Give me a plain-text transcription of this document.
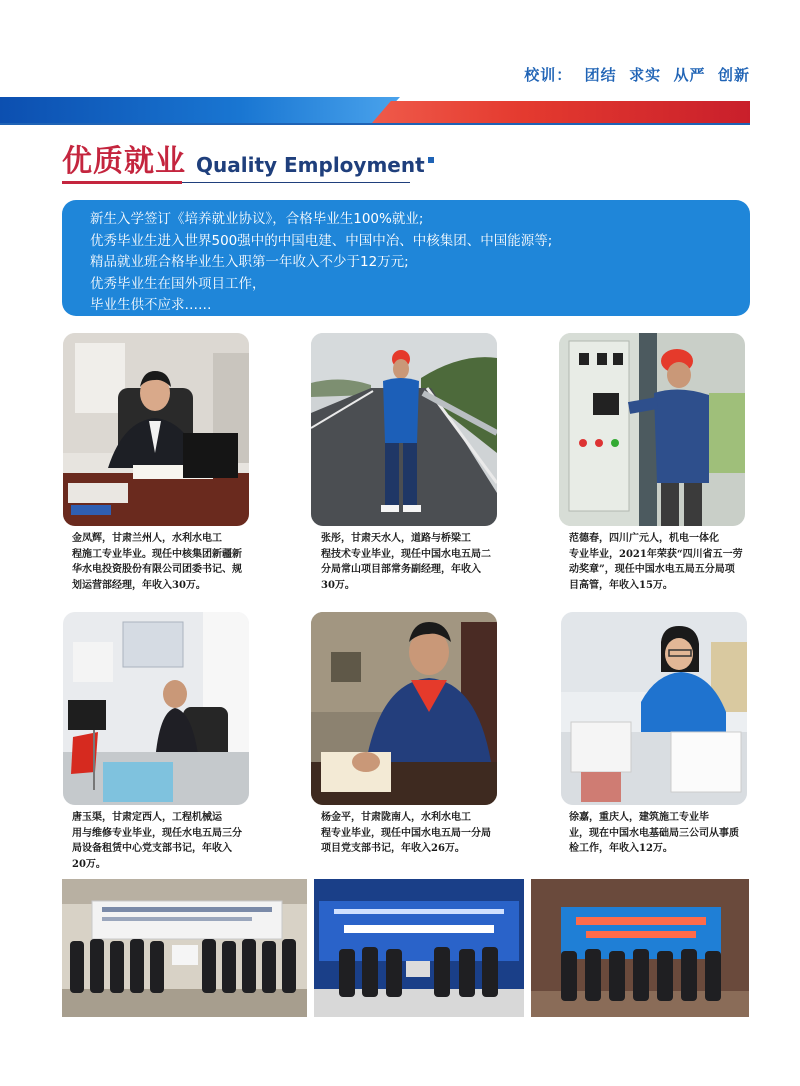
校训：  团结  求实  从严  创新
优质就业 Quality Employment
新生入学签订《培养就业协议》，合格毕业生100%就业;
优秀毕业生进入世界500强中的中国电建、中国中冶、中核集团、中国能源等;
精品就业班合格毕业生入职第一年收入不少于12万元;
优秀毕业生在国外项目工作，
毕业生供不应求……
金凤辉，甘肃兰州人，水利水电工
程施工专业毕业。现任中核集团新疆新
华水电投资股份有限公司团委书记、规
划运营部经理，年收入30万。
张彤，甘肃天水人，道路与桥梁工
程技术专业毕业，现任中国水电五局二
分局常山项目部常务副经理，年收入
30万。
范德春，四川广元人，机电一体化
专业毕业，2021年荣获“四川省五一劳
动奖章”，现任中国水电五局五分局项
目高管，年收入15万。
唐玉渠，甘肃定西人，工程机械运
用与维修专业毕业，现任水电五局三分
局设备租赁中心党支部书记，年收入
20万。
杨金平，甘肃陇南人，水利水电工
程专业毕业，现任中国水电五局一分局
项目党支部书记，年收入26万。
徐嘉，重庆人，建筑施工专业毕
业，现在中国水电基础局三公司从事质
检工作，年收入12万。
